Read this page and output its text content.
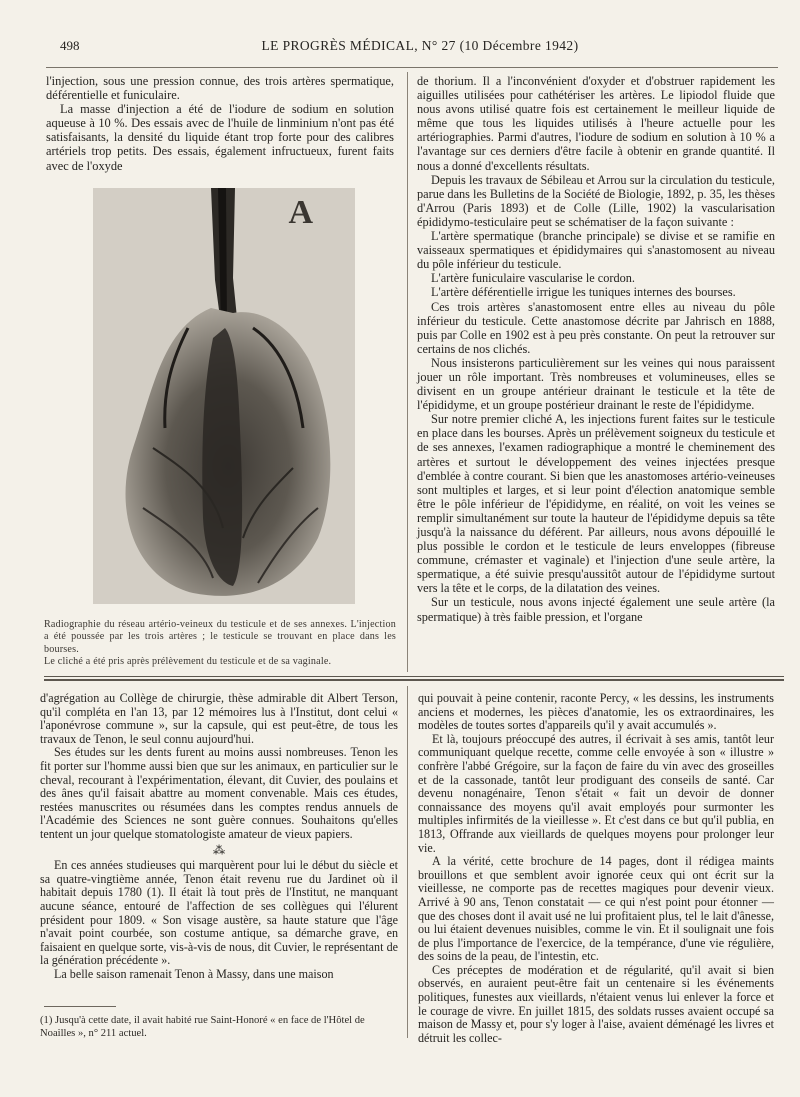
498	LE PROGRÈS MÉDICAL, N° 27 (10 Décembre 1942)

l'injection, sous une pression connue, des trois artères spermatique, déférentielle et funiculaire.

La masse d'injection a été de l'iodure de sodium en solution aqueuse à 10 %. Des essais avec de l'huile de linminium n'ont pas été satisfaisants, la densité du liquide étant trop forte pour des calibres artériels trop petits. Des essais, également infructueux, furent faits avec de l'oxyde

A

Radiographie du réseau artério-veineux du testicule et de ses annexes. L'injection a été poussée par les trois artères ; le testicule se trouvant en place dans les bourses.

Le cliché a été pris après prélèvement du testicule et de sa vaginale.

de thorium. Il a l'inconvénient d'oxyder et d'obstruer rapidement les aiguilles utilisées pour cathétériser les artères. Le lipiodol fluide que nous avons utilisé quatre fois est certainement le meilleur liquide de même que tous les liquides utilisés à l'heure actuelle pour les artériographies. Parmi d'autres, l'iodure de sodium en solution à 10 % a l'avantage sur ces derniers d'être facile à obtenir en grande quantité. Il nous a donné d'excellents résultats.

Depuis les travaux de Sébileau et Arrou sur la circulation du testicule, parue dans les Bulletins de la Société de Biologie, 1892, p. 35, les thèses d'Arrou (Paris 1893) et de Colle (Lille, 1902) la vascularisation épididymo-testiculaire peut se schématiser de la façon suivante :

L'artère spermatique (branche principale) se divise et se ramifie en vaisseaux spermatiques et épididymaires qui s'anastomosent au niveau du pôle inférieur du testicule.

L'artère funiculaire vascularise le cordon.

L'artère déférentielle irrigue les tuniques internes des bourses.

Ces trois artères s'anastomosent entre elles au niveau du pôle inférieur du testicule. Cette anastomose décrite par Jahrisch en 1888, puis par Colle en 1902 est à peu près constante. On peut la retrouver sur certains de nos clichés.

Nous insisterons particulièrement sur les veines qui nous paraissent jouer un rôle important. Très nombreuses et volumineuses, elles se divisent en un groupe antérieur drainant le testicule et la tête de l'épididyme, et un groupe postérieur drainant le reste de l'épididyme.

Sur notre premier cliché A, les injections furent faites sur le testicule en place dans les bourses. Après un prélèvement soigneux du testicule et de ses annexes, l'examen radiographique a montré le cheminement des artères et surtout le développement des veines injectées presque d'emblée à contre courant. Si bien que les anastomoses artério-veineuses sont multiples et larges, et si leur point d'élection anatomique semble être le pôle inférieur de l'épididyme, en réalité, on voit les veines se remplir simultanément sur toute la hauteur de l'épididyme depuis sa tête jusqu'à la naissance du déférent. Par ailleurs, nous avons dépouillé le plus possible le cordon et le testicule de leurs enveloppes (fibreuse commune, crémaster et vaginale) et l'injection d'une seule artère, la spermatique, a été suivie presqu'aussitôt autour de l'épididyme surtout vers la tête et le corps, de la dilatation des veines.

Sur un testicule, nous avons injecté également une seule artère (la spermatique) à très faible pression, et l'organe

d'agrégation au Collège de chirurgie, thèse admirable dit Albert Terson, qu'il compléta en l'an 13, par 12 mémoires lus à l'Institut, dont celui « l'aponévrose commune », sur la capsule, qui est peut-être, de tous les travaux de Tenon, le seul connu aujourd'hui.

Ses études sur les dents furent au moins aussi nombreuses. Tenon les fit porter sur l'homme aussi bien que sur les animaux, en particulier sur le cheval, recourant à l'expérimentation, élevant, dit Cuvier, des poulains et des ânes qu'il faisait abattre au moment convenable. Mais ces études, restées manuscrites ou résumées dans les comptes rendus annuels de l'Académie des Sciences ne sont guère connues. Souhaitons qu'elles tentent un jour quelque stomatologiste amateur de vieux papiers.

⁂

En ces années studieuses qui marquèrent pour lui le début du siècle et sa quatre-vingtième année, Tenon était revenu rue du Jardinet où il habitait depuis 1780 (1). Il était là tout près de l'Institut, ne manquant aucune séance, entouré de l'affection de ses collègues qui l'élurent président pour 1809. « Son visage austère, sa haute stature que l'âge n'avait point courbée, son costume antique, sa démarche grave, en faisaient en quelque sorte, vis-à-vis de nous, dit Cuvier, le représentant de la génération précédente ».

La belle saison ramenait Tenon à Massy, dans une maison

(1) Jusqu'à cette date, il avait habité rue Saint-Honoré « en face de l'Hôtel de Noailles », n° 211 actuel.

qui pouvait à peine contenir, raconte Percy, « les dessins, les instruments anciens et modernes, les pièces d'anatomie, les os extraordinaires, les modèles de toutes sortes d'appareils qu'il y avait accumulés ».

Et là, toujours préoccupé des autres, il écrivait à ses amis, tantôt leur communiquant quelque recette, comme celle envoyée à son « illustre » confrère l'abbé Grégoire, sur la façon de faire du vin avec des groseilles et de la cassonade, tantôt leur prodiguant des conseils de santé. Car devenu nonagénaire, Tenon s'était « fait un devoir de donner connaissance des moyens qu'il avait employés pour surmonter les multiples infirmités de la vieillesse ». Et c'est dans ce but qu'il publia, en 1813, Offrande aux vieillards de quelques moyens pour prolonger leur vie.

A la vérité, cette brochure de 14 pages, dont il rédigea maints brouillons et que semblent avoir ignorée ceux qui ont écrit sur la vieillesse, ne comporte pas de recettes magiques pour devenir vieux. Arrivé à 90 ans, Tenon constatait — ce qui n'est point pour étonner — que des choses dont il avait usé ne lui profitaient plus, tel le lait d'ânesse, ou lui étaient devenues nuisibles, comme le vin. Et il soulignait une fois de plus l'importance de l'exercice, de la tempérance, d'une vie régulière, des soins de la peau, de l'intestin, etc.

Ces préceptes de modération et de régularité, qu'il avait si bien observés, en auraient peut-être fait un centenaire si les événements politiques, funestes aux vieillards, n'étaient venus lui enlever la force et le courage de vivre. En juillet 1815, des soldats russes avaient occupé sa maison de Massy et, pour s'y loger à l'aise, avaient déménagé les livres et détruit les collec-
